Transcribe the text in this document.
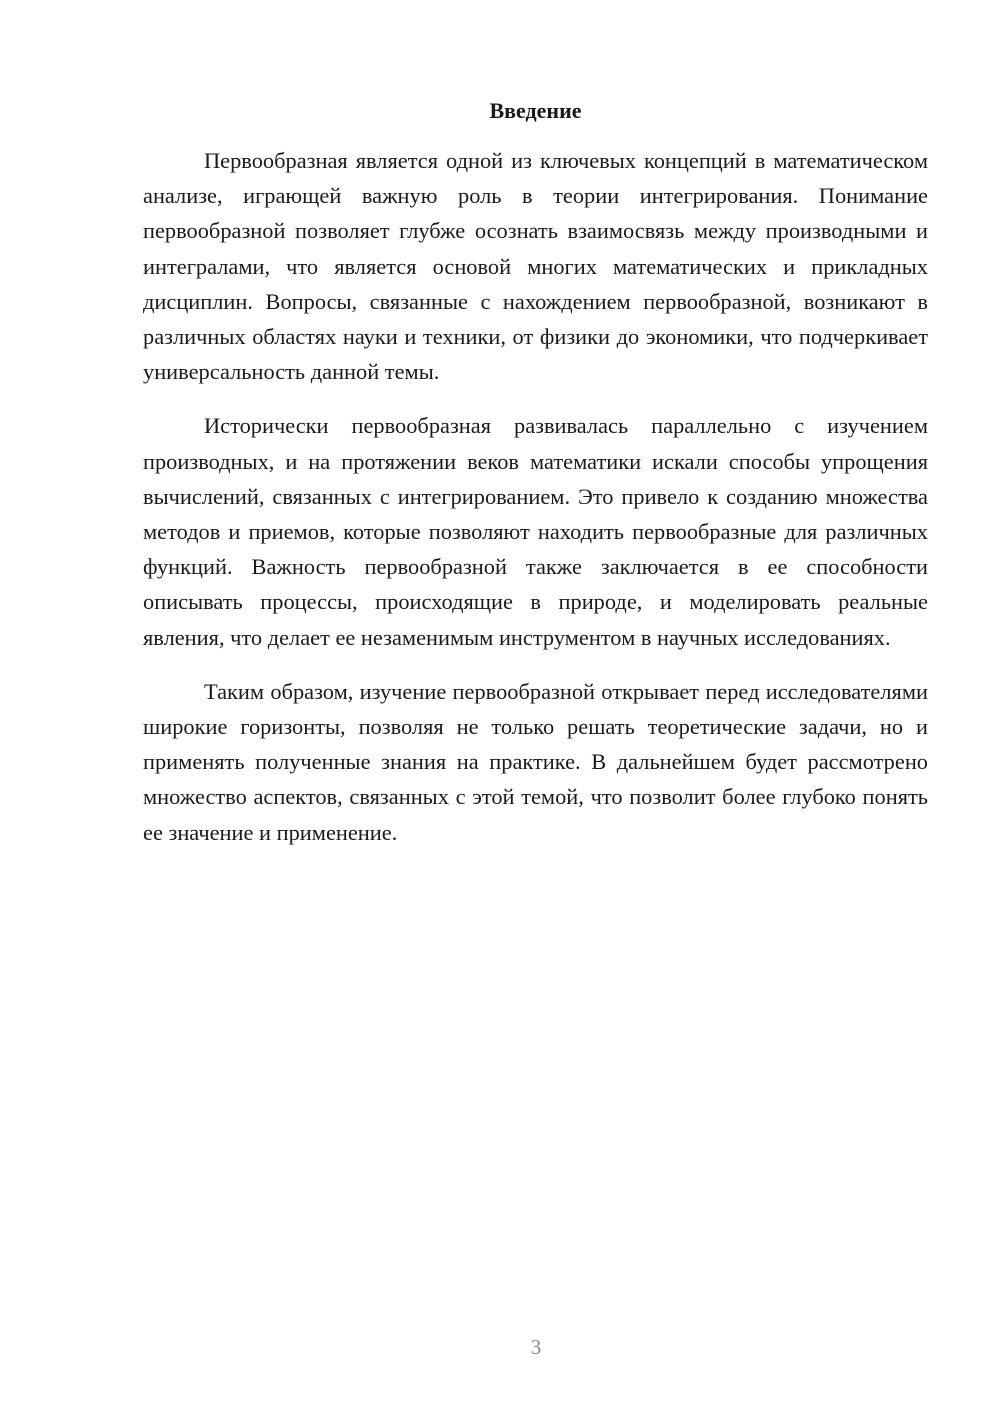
Введение

Первообразная является одной из ключевых концепций в математическом анализе, играющей важную роль в теории интегрирования. Понимание первообразной позволяет глубже осознать взаимосвязь между производными и интегралами, что является основой многих математических и прикладных дисциплин. Вопросы, связанные с нахождением первообразной, возникают в различных областях науки и техники, от физики до экономики, что подчеркивает универсальность данной темы.

Исторически первообразная развивалась параллельно с изучением производных, и на протяжении веков математики искали способы упрощения вычислений, связанных с интегрированием. Это привело к созданию множества методов и приемов, которые позволяют находить первообразные для различных функций. Важность первообразной также заключается в ее способности описывать процессы, происходящие в природе, и моделировать реальные явления, что делает ее незаменимым инструментом в научных исследованиях.

Таким образом, изучение первообразной открывает перед исследователями широкие горизонты, позволяя не только решать теоретические задачи, но и применять полученные знания на практике. В дальнейшем будет рассмотрено множество аспектов, связанных с этой темой, что позволит более глубоко понять ее значение и применение.

3
